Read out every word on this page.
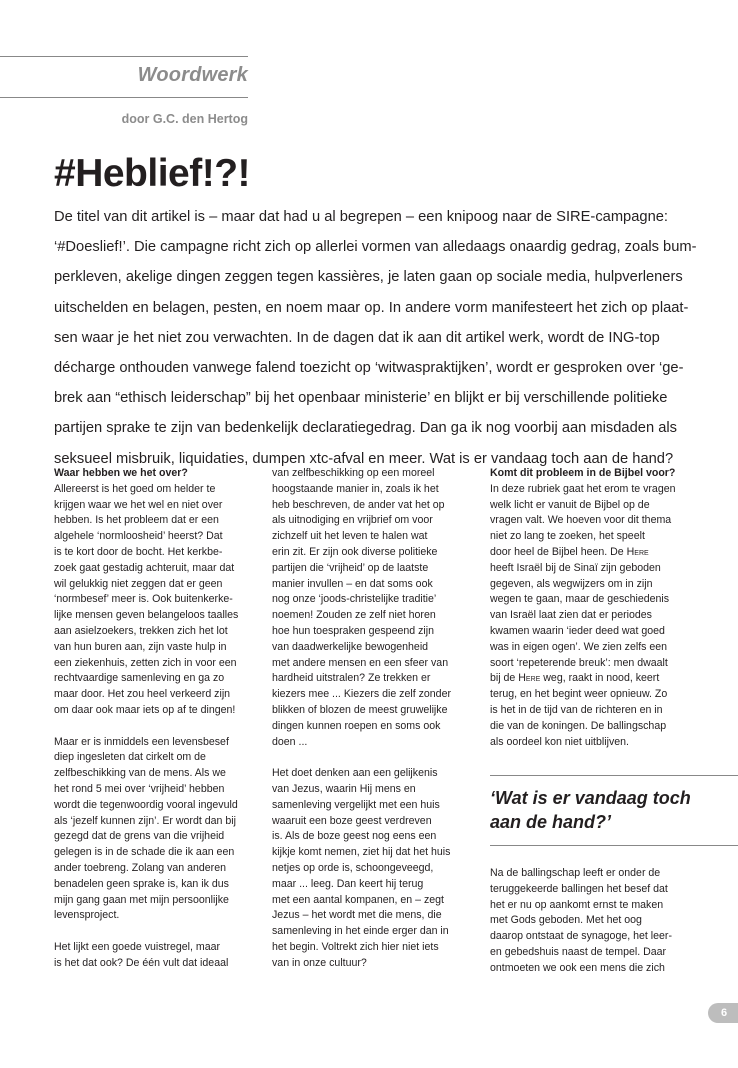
Woordwerk
door G.C. den Hertog
#Heblief!?!
De titel van dit artikel is – maar dat had u al begrepen – een knipoog naar de SIRE-campagne:
‘#Doeslief!’. Die campagne richt zich op allerlei vormen van alledaags onaardig gedrag, zoals bum-
perkleven, akelige dingen zeggen tegen kassières, je laten gaan op sociale media, hulpverleners
uitschelden en belagen, pesten, en noem maar op. In andere vorm manifesteert het zich op plaat-
sen waar je het niet zou verwachten. In de dagen dat ik aan dit artikel werk, wordt de ING-top
décharge onthouden vanwege falend toezicht op ‘witwaspraktijken’, wordt er gesproken over ‘ge-
brek aan “ethisch leiderschap” bij het openbaar ministerie’ en blijkt er bij verschillende politieke
partijen sprake te zijn van bedenkelijk declaratiegedrag. Dan ga ik nog voorbij aan misdaden als
seksueel misbruik, liquidaties, dumpen xtc-afval en meer. Wat is er vandaag toch aan de hand?
Waar hebben we het over?
Allereerst is het goed om helder te
krijgen waar we het wel en niet over
hebben. Is het probleem dat er een
algehele ‘normloosheid’ heerst? Dat
is te kort door de bocht. Het kerkbe-
zoek gaat gestadig achteruit, maar dat
wil gelukkig niet zeggen dat er geen
‘normbesef’ meer is. Ook buitenkerke-
lijke mensen geven belangeloos taalles
aan asielzoekers, trekken zich het lot
van hun buren aan, zijn vaste hulp in
een ziekenhuis, zetten zich in voor een
rechtvaardige samenleving en ga zo
maar door. Het zou heel verkeerd zijn
om daar ook maar iets op af te dingen!
Maar er is inmiddels een levensbesef
diep ingesleten dat cirkelt om de
zelfbeschikking van de mens. Als we
het rond 5 mei over ‘vrijheid’ hebben
wordt die tegenwoordig vooral ingevuld
als ‘jezelf kunnen zijn’. Er wordt dan bij
gezegd dat de grens van die vrijheid
gelegen is in de schade die ik aan een
ander toebreng. Zolang van anderen
benadelen geen sprake is, kan ik dus
mijn gang gaan met mijn persoonlijke
levensproject.
Het lijkt een goede vuistregel, maar
is het dat ook? De één vult dat ideaal
van zelfbeschikking op een moreel
hoogstaande manier in, zoals ik het
heb beschreven, de ander vat het op
als uitnodiging en vrijbrief om voor
zichzelf uit het leven te halen wat
erin zit. Er zijn ook diverse politieke
partijen die ‘vrijheid’ op de laatste
manier invullen – en dat soms ook
nog onze ‘joods-christelijke traditie’
noemen! Zouden ze zelf niet horen
hoe hun toespraken gespeend zijn
van daadwerkelijke bewogenheid
met andere mensen en een sfeer van
hardheid uitstralen? Ze trekken er
kiezers mee ... Kiezers die zelf zonder
blikken of blozen de meest gruwelijke
dingen kunnen roepen en soms ook
doen ...
Het doet denken aan een gelijkenis
van Jezus, waarin Hij mens en
samenleving vergelijkt met een huis
waaruit een boze geest verdreven
is. Als de boze geest nog eens een
kijkje komt nemen, ziet hij dat het huis
netjes op orde is, schoongeveegd,
maar ... leeg. Dan keert hij terug
met een aantal kompanen, en – zegt
Jezus – het wordt met die mens, die
samenleving in het einde erger dan in
het begin. Voltrekt zich hier niet iets
van in onze cultuur?
Komt dit probleem in de Bijbel voor?
In deze rubriek gaat het erom te vragen
welk licht er vanuit de Bijbel op de
vragen valt. We hoeven voor dit thema
niet zo lang te zoeken, het speelt
door heel de Bijbel heen. De Here
heeft Israël bij de Sinaï zijn geboden
gegeven, als wegwijzers om in zijn
wegen te gaan, maar de geschiedenis
van Israël laat zien dat er periodes
kwamen waarin ‘ieder deed wat goed
was in eigen ogen’. We zien zelfs een
soort ‘repeterende breuk’: men dwaalt
bij de Here weg, raakt in nood, keert
terug, en het begint weer opnieuw. Zo
is het in de tijd van de richteren en in
die van de koningen. De ballingschap
als oordeel kon niet uitblijven.
‘Wat is er vandaag toch
aan de hand?’
Na de ballingschap leeft er onder de
teruggekeerde ballingen het besef dat
het er nu op aankomt ernst te maken
met Gods geboden. Met het oog
daarop ontstaat de synagoge, het leer-
en gebedshuis naast de tempel. Daar
ontmoeten we ook een mens die zich
6
